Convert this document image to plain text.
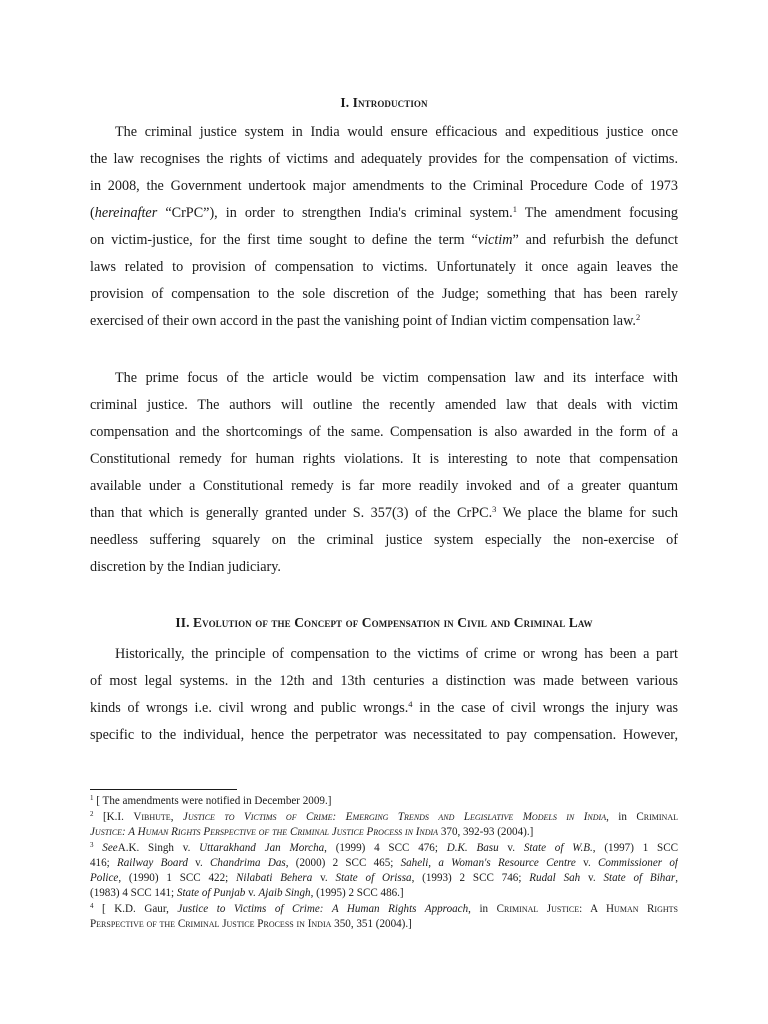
I. Introduction
The criminal justice system in India would ensure efficacious and expeditious justice once
the law recognises the rights of victims and adequately provides for the compensation of victims.
in 2008, the Government undertook major amendments to the Criminal Procedure Code of 1973
(hereinafter “CrPC”), in order to strengthen India's criminal system.$^1$ The amendment focusing
on victim-justice, for the first time sought to define the term “victim” and refurbish the defunct
laws related to provision of compensation to victims. Unfortunately it once again leaves the
provision of compensation to the sole discretion of the Judge; something that has been rarely
exercised of their own accord in the past the vanishing point of Indian victim compensation law.$^2$
The prime focus of the article would be victim compensation law and its interface with
criminal justice. The authors will outline the recently amended law that deals with victim
compensation and the shortcomings of the same. Compensation is also awarded in the form of a
Constitutional remedy for human rights violations. It is interesting to note that compensation
available under a Constitutional remedy is far more readily invoked and of a greater quantum
than that which is generally granted under S. 357(3) of the CrPC.$^3$ We place the blame for such
needless suffering squarely on the criminal justice system especially the non-exercise of
discretion by the Indian judiciary.
II. Evolution of the Concept of Compensation in Civil and Criminal Law
Historically, the principle of compensation to the victims of crime or wrong has been a part
of most legal systems. in the 12th and 13th centuries a distinction was made between various
kinds of wrongs i.e. civil wrong and public wrongs.$^4$ in the case of civil wrongs the injury was
specific to the individual, hence the perpetrator was necessitated to pay compensation. However,
$^1$ [ The amendments were notified in December 2009.]
$^2$ [K.I. Vibhute, Justice to Victims of Crime: Emerging Trends and Legislative Models in India, in Criminal
Justice: A Human Rights Perspective of the Criminal Justice Process in India 370, 392-93 (2004).]
$^3$ SeeA.K. Singh v. Uttarakhand Jan Morcha, (1999) 4 SCC 476; D.K. Basu v. State of W.B., (1997) 1 SCC
416; Railway Board v. Chandrima Das, (2000) 2 SCC 465; Saheli, a Woman's Resource Centre v. Commissioner of
Police, (1990) 1 SCC 422; Nilabati Behera v. State of Orissa, (1993) 2 SCC 746; Rudal Sah v. State of Bihar,
(1983) 4 SCC 141; State of Punjab v. Ajaib Singh, (1995) 2 SCC 486.]
$^4$ [ K.D. Gaur, Justice to Victims of Crime: A Human Rights Approach, in Criminal Justice: A Human Rights
Perspective of the Criminal Justice Process in India 350, 351 (2004).]
